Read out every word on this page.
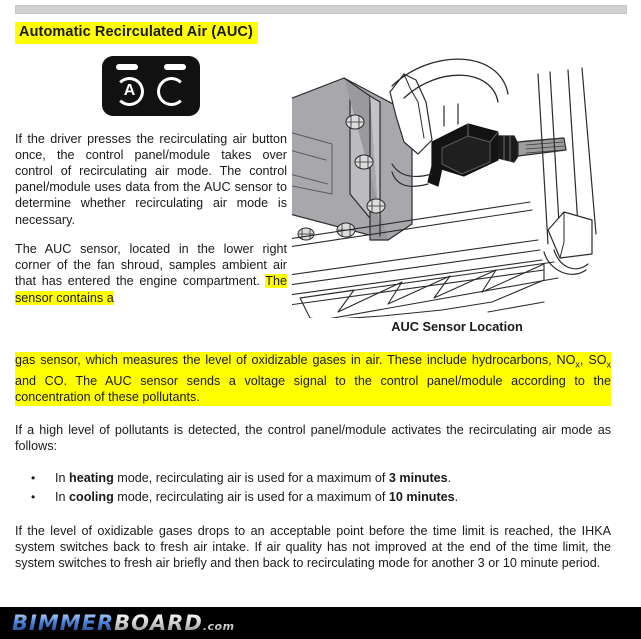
Automatic Recirculated Air (AUC)
A

If the driver presses the recirculating air button once, the control panel/module takes over control of recirculating air mode. The control panel/module uses data from the AUC sensor to determine whether recirculating air mode is necessary.

The AUC sensor, located in the lower right corner of the fan shroud, samples ambient air that has entered the engine compartment. The sensor contains a

AUC Sensor Location

gas sensor, which measures the level of oxidizable gases in air. These include hydrocarbons, $NO_x$, $SO_x$ and CO. The AUC sensor sends a voltage signal to the control panel/module according to the concentration of these pollutants.

If a high level of pollutants is detected, the control panel/module activates the recirculating air mode as follows:

• In heating mode, recirculating air is used for a maximum of 3 minutes.
• In cooling mode, recirculating air is used for a maximum of 10 minutes.

If the level of oxidizable gases drops to an acceptable point before the time limit is reached, the IHKA system switches back to fresh air intake. If air quality has not improved at the end of the time limit, the system switches to fresh air briefly and then back to recirculating mode for another 3 or 10 minute period.

BIMMERBOARD.com
